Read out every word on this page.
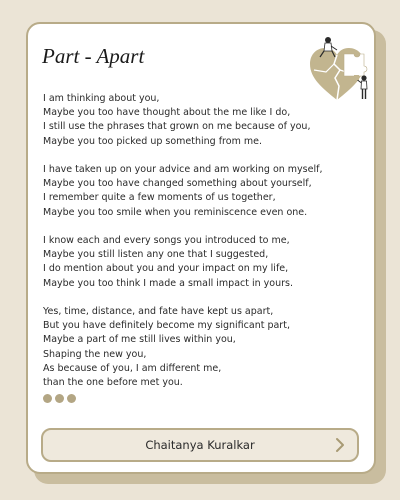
Part - Apart
I am thinking about you,
Maybe you too have thought about the me like I do,
I still use the phrases that grown on me because of you,
Maybe you too picked up something from me.
I have taken up on your advice and am working on myself,
Maybe you too have changed something about yourself,
I remember quite a few moments of us together,
Maybe you too smile when you reminiscence even one.
I know each and every songs you introduced to me,
Maybe you still listen any one that I suggested,
I do mention about you and your impact on my life,
Maybe you too think I made a small impact in yours.
Yes, time, distance, and fate have kept us apart,
But you have definitely become my significant part,
Maybe a part of me still lives within you,
Shaping the new you,
As because of you, I am different me,
than the one before met you.
Chaitanya Kuralkar
